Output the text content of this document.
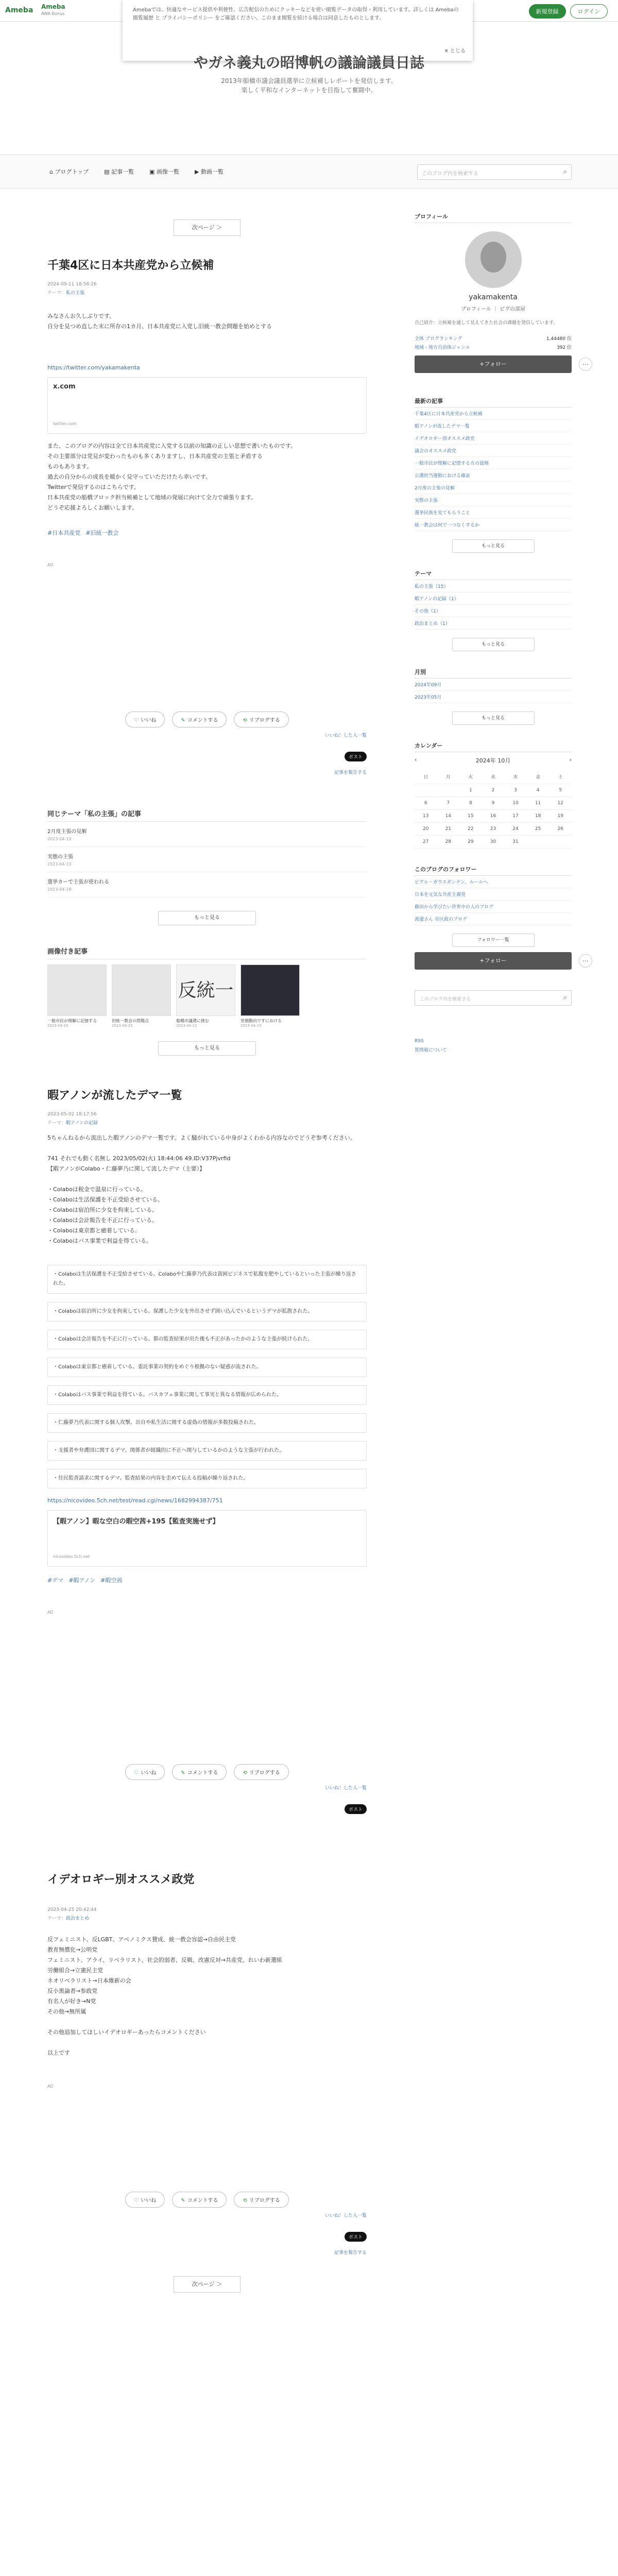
Ameba Ameba
AWA Bonus	新規登録	ログイン

Amebaでは、快適なサービス提供や利便性、広告配信のためにクッキーなどを使い閲覧データの取得・利用しています。詳しくは Amebaの閲覧履歴 と プライバシーポリシー をご確認ください。このまま閲覧を続ける場合は同意したものとします。

✕ とじる
やガネ義丸の昭博帆の議論議員日誌

2013年船橋市議会議員選挙に立候補しレポートを発信します。
楽しく平和なインターネットを目指して奮闘中。

⌂ ブログトップ	▤ 記事一覧	▣ 画像一覧	▶ 動画一覧	このブログ内を検索する	⌕
次ページ ＞
千葉4区に日本共産党から立候補

2024-09-11 18:58:26

テーマ：私の主張

みなさんお久しぶりです。
自分を見つめ直した末に所存の1カ月、日本共産党に入党し旧統一教会問題を始めとする

https://twitter.com/yakamakenta

x.com

twitter.com

また、このブログの内容は全て日本共産党に入党する以前の知識の正しい思想で書いたものです。
その主要部分は党見が変わったものも多くありますし、日本共産党の主張と矛盾する
ものもあります。
過去の自分からの成長を暖かく見守っていただけたら幸いです。
Twitterで発信するのはこちらです。
日本共産党の船橋ブロック担当候補として地域の発展に向けて全力で頑張ります。
どうぞ応援よろしくお願いします。

#日本共産党 #旧統一教会

AD

♡ いいね	✎ コメントする	⟲ リブログする

いいね！した人一覧

ポスト

記事を報告する

同じテーマ「私の主張」の記事

2月度主張の見解

2023-04-10

実態の主張

2023-04-13

選挙カーで主張が使われる

2023-04-18

もっと見る
画像付き記事

一般市民が理解に記憶する

2023-04-20

旧統一教会の問題点

2023-04-25

反統一

船橋市議選に挑む

2023-04-11

党旗動向ですにおける

2023-04-15

もっと見る
暇アノンが流したデマ一覧

2023-05-02 18:17:56

テーマ：暇アノンの記録

5ちゃんねるから流出した暇アノンのデマ一覧です。よく騒がれている中身がよくわかる内容なのでどうぞ参考ください。

741 それでも動く名無し 2023/05/02(火) 18:44:06 49.ID:V37Pjvrfid
【暇アノンがColabo・仁藤夢乃に関して流したデマ（主要）】

・Colaboは税金で温泉に行っている。
・Colaboは生活保護を不正受給させている。
・Colaboは宿泊所に少女を拘束している。
・Colaboは会計報告を不正に行っている。
・Colaboは東京都と癒着している。
・Colaboはバス事業で利益を得ている。

・Colaboは生活保護を不正受給させている。Colaboや仁藤夢乃代表は貧困ビジネスで私腹を肥やしているといった主張が繰り返された。
・Colaboは宿泊所に少女を拘束している。保護した少女を外出させず囲い込んでいるというデマが拡散された。
・Colaboは会計報告を不正に行っている。都の監査結果が出た後も不正があったかのような主張が続けられた。
・Colaboは東京都と癒着している。委託事業の契約をめぐり根拠のない疑惑が流された。
・Colaboはバス事業で利益を得ている。バスカフェ事業に関して事実と異なる情報が広められた。
・仁藤夢乃代表に関する個人攻撃。出自や私生活に関する虚偽の情報が多数投稿された。
・支援者や弁護団に関するデマ。関係者が組織的に不正へ関与しているかのような主張が行われた。
・住民監査請求に関するデマ。監査結果の内容を歪めて伝える投稿が繰り返された。

https://nicovideo.5ch.net/test/read.cgi/news/1682994387/751

【暇アノン】暇な空白の暇空茜+195【監査実施せず】

nicovideo.5ch.net

#デマ #暇アノン #暇空茜

AD

♡ いいね	✎ コメントする	⟲ リブログする

いいね！した人一覧

ポスト
イデオロギー別オススメ政党

2023-04-25 20:42:44

テーマ：政治まとめ

反フェミニスト、反LGBT、アベノミクス賛成、統一教会容認→自由民主党
教育無償化→公明党
フェミニスト、アライ、リベラリスト、社会的弱者、反戦、改憲反対→共産党、れいわ新選組
労働組合→立憲民主党
ネオリベラリスト→日本維新の会
反小黒論者→参政党
有名人が好き→N党
その他→無所属

その他追加してほしいイデオロギーあったらコメントください

以上です

AD

♡ いいね	✎ コメントする	⟲ リブログする

いいね！した人一覧

ポスト

記事を報告する

次ページ ＞
プロフィール

yakamakenta

プロフィール ｜ ピグの部屋

自己紹介：立候補を通して見えてきた社会の課題を発信しています。

全体 ブログランキング	1,44480 位
地域・地方自治体ジャンル	392 位
+フォロー	⋯
最新の記事
千葉4区に日本共産党から立候補
暇アノンが流したデマ一覧
イデオロギー別オススメ政党
議会のオススメ政党
一般市民が理解に記憶する方の資格
公選担当運動における確証
2月度の主張の見解
実態の主張
選挙民族を見てもらうこと
統一教会は何で一つなくするか
もっと見る
テーマ
私の主張（15）
暇アノンの記録（1）
その他（1）
政治まとめ（1）
もっと見る
月別
2024年09月
2023年05月
もっと見る
カレンダー
‹	2024年 10月	›
日	月	火	水	木	金	土
		1	2	3	4	5
6	7	8	9	10	11	12
13	14	15	16	17	18	19
20	21	22	23	24	25	26
27	28	29	30	31		
このブログのフォロワー
ピグル・ガウスガンテン、ルールへ
日本を元気な共産主義党
藤田から学びたい世界中の人のブログ
渡邊さん 市区政のブログ
フォロワー一覧
+フォロー	⋯
このブログ内を検索する	⌕

RSS

質問箱について
